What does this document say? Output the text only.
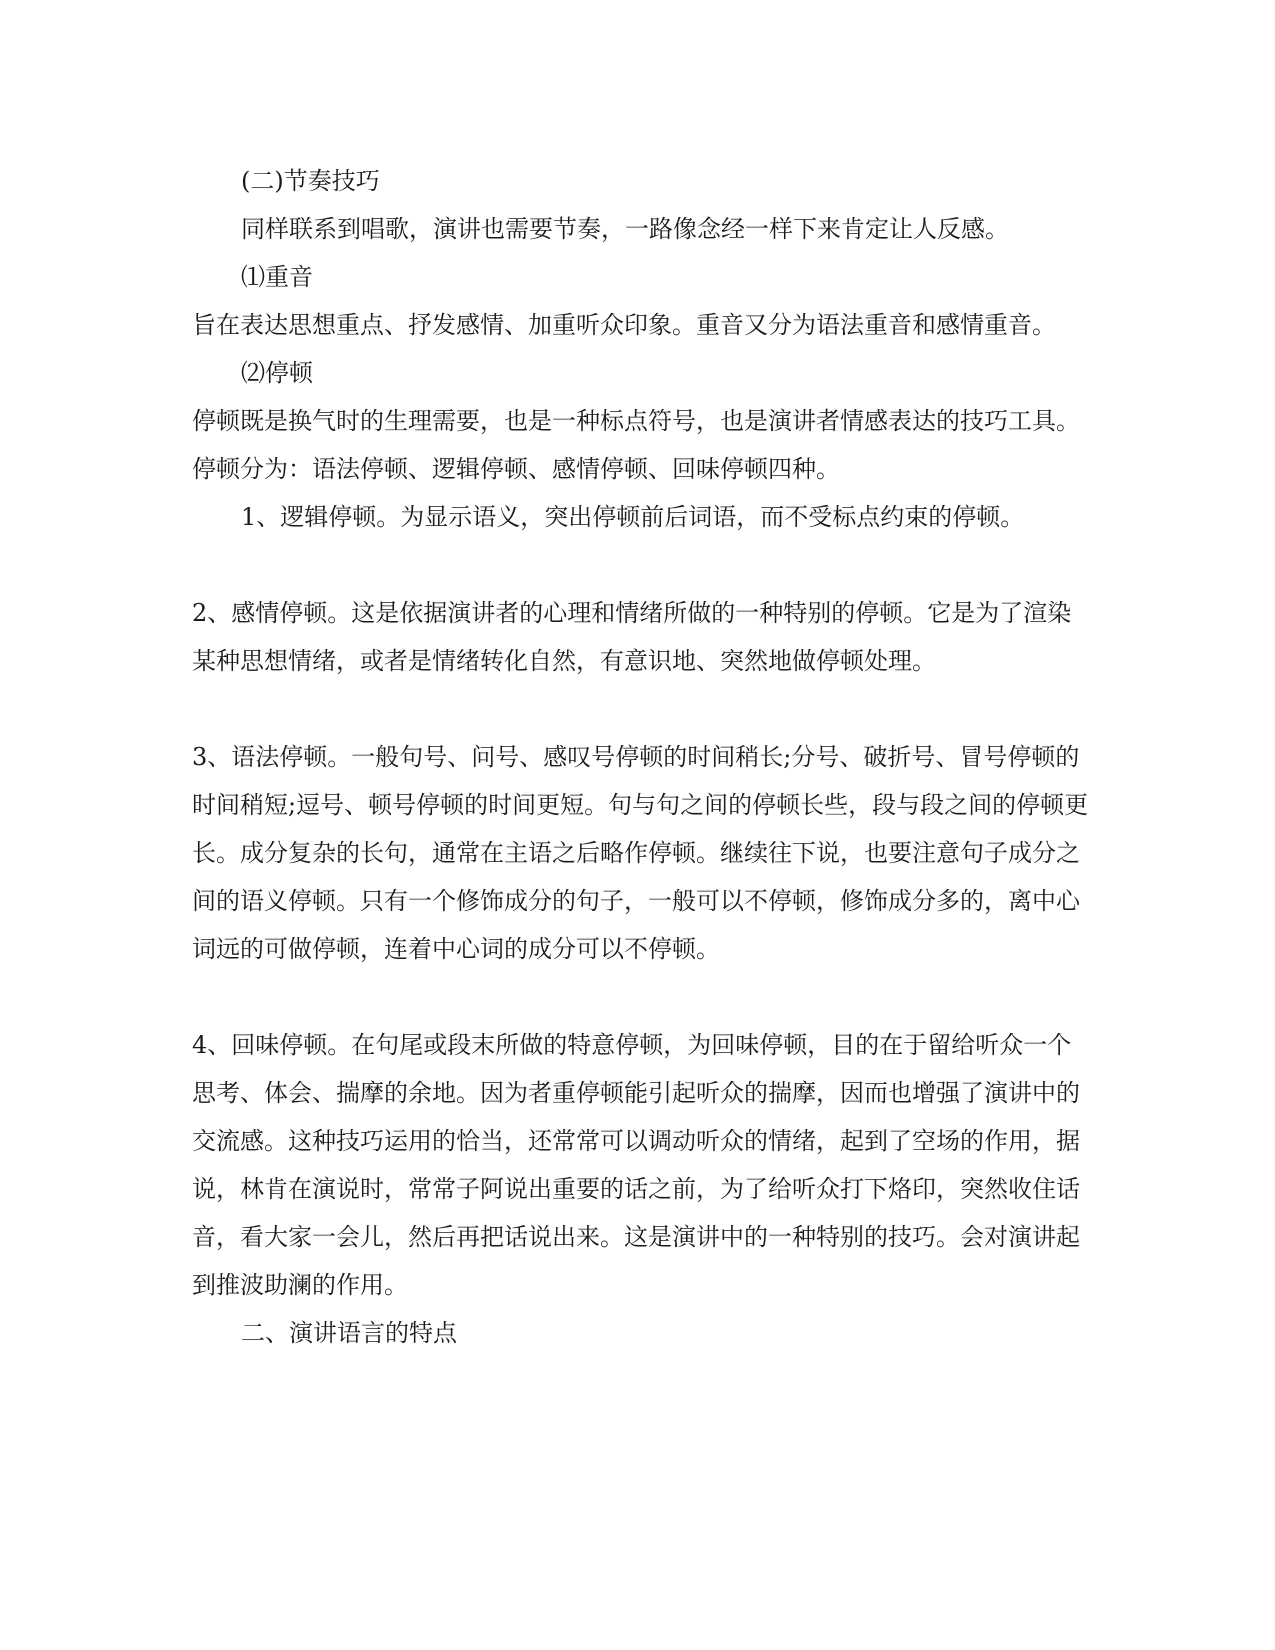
(二)节奏技巧

同样联系到唱歌，演讲也需要节奏，一路像念经一样下来肯定让人反感。

⑴重音

旨在表达思想重点、抒发感情、加重听众印象。重音又分为语法重音和感情重音。

⑵停顿

停顿既是换气时的生理需要，也是一种标点符号，也是演讲者情感表达的技巧工具。停顿分为：语法停顿、逻辑停顿、感情停顿、回味停顿四种。

1、逻辑停顿。为显示语义，突出停顿前后词语，而不受标点约束的停顿。

2、感情停顿。这是依据演讲者的心理和情绪所做的一种特别的停顿。它是为了渲染某种思想情绪，或者是情绪转化自然，有意识地、突然地做停顿处理。

3、语法停顿。一般句号、问号、感叹号停顿的时间稍长;分号、破折号、冒号停顿的时间稍短;逗号、顿号停顿的时间更短。句与句之间的停顿长些，段与段之间的停顿更长。成分复杂的长句，通常在主语之后略作停顿。继续往下说，也要注意句子成分之间的语义停顿。只有一个修饰成分的句子，一般可以不停顿，修饰成分多的，离中心词远的可做停顿，连着中心词的成分可以不停顿。

4、回味停顿。在句尾或段末所做的特意停顿，为回味停顿，目的在于留给听众一个思考、体会、揣摩的余地。因为者重停顿能引起听众的揣摩，因而也增强了演讲中的交流感。这种技巧运用的恰当，还常常可以调动听众的情绪，起到了空场的作用，据说，林肯在演说时，常常子阿说出重要的话之前，为了给听众打下烙印，突然收住话音，看大家一会儿，然后再把话说出来。这是演讲中的一种特别的技巧。会对演讲起到推波助澜的作用。

二、演讲语言的特点
